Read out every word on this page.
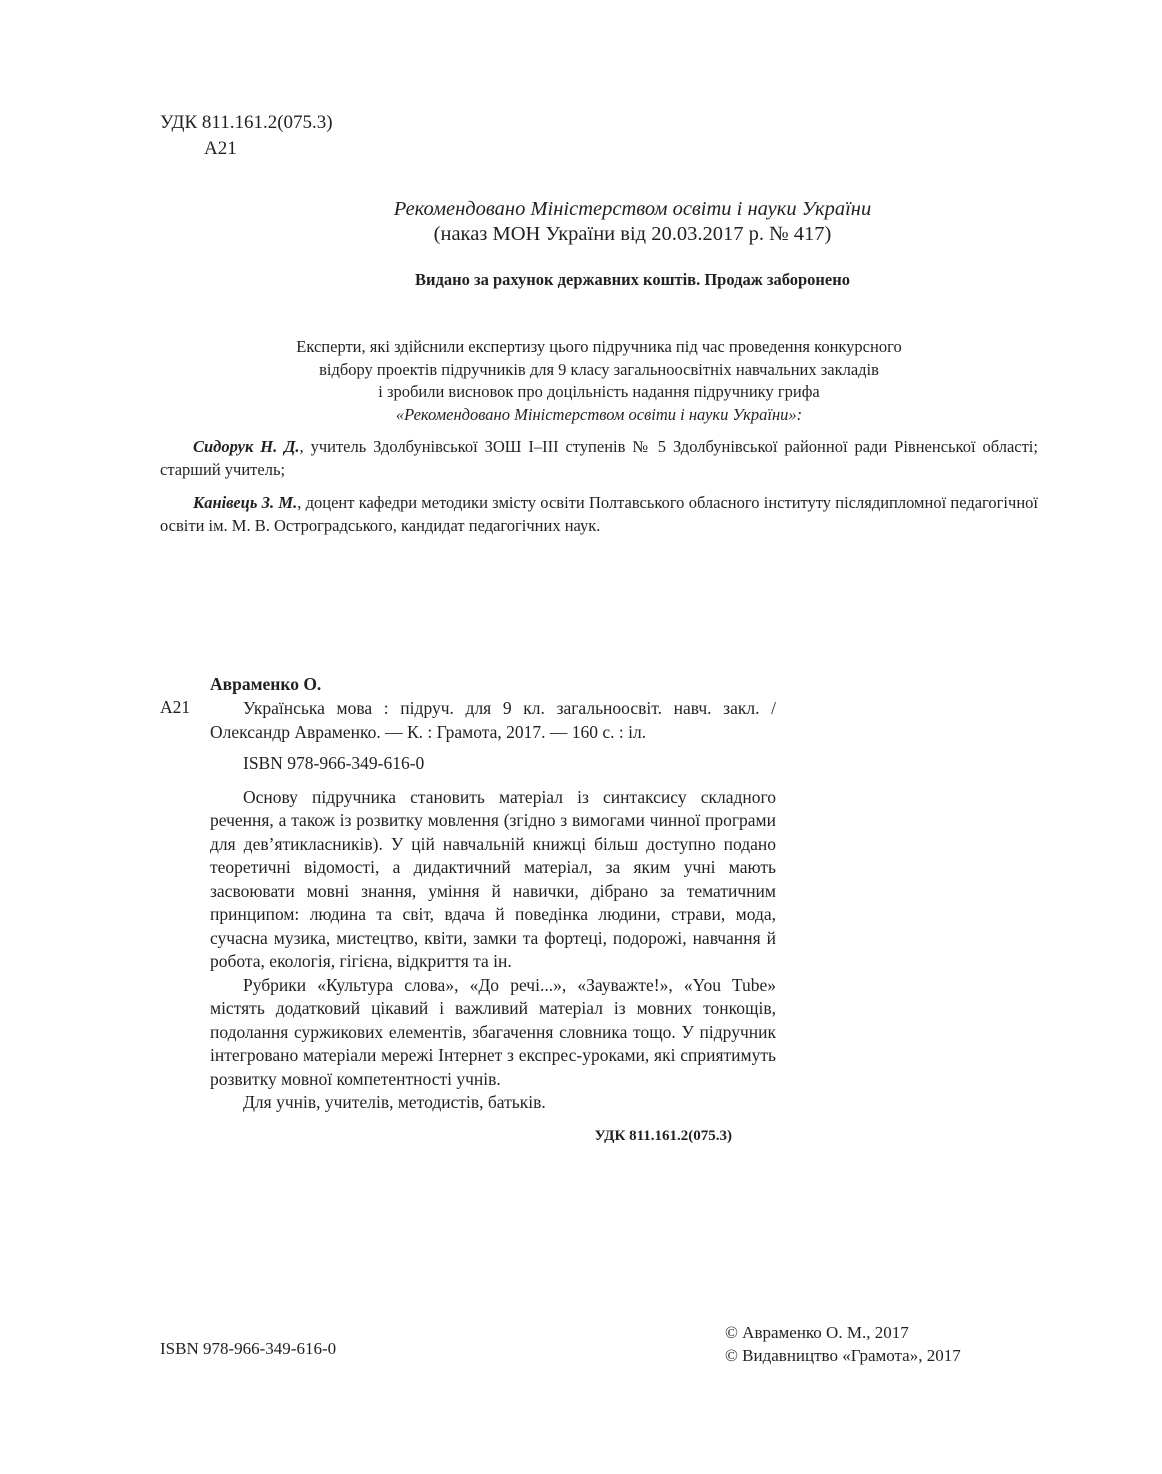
УДК 811.161.2(075.3)
А21
Рекомендовано Міністерством освіти і науки України
(наказ МОН України від 20.03.2017 р. № 417)
Видано за рахунок державних коштів. Продаж заборонено
Експерти, які здійснили експертизу цього підручника під час проведення конкурсного
відбору проектів підручників для 9 класу загальноосвітніх навчальних закладів
і зробили висновок про доцільність надання підручнику грифа
«Рекомендовано Міністерством освіти і науки України»:
Сидорук Н. Д., учитель Здолбунівської ЗОШ І–ІІІ ступенів № 5 Здолбунівської районної ради Рівненської області; старший учитель;
Канівець З. М., доцент кафедри методики змісту освіти Полтавського обласного інституту післядипломної педагогічної освіти ім. М. В. Остроградського, кандидат педагогічних наук.
Авраменко О.
А21	Українська мова : підруч. для 9 кл. загальноосвіт. навч. закл. / Олександр Авраменко. — К. : Грамота, 2017. — 160 с. : іл.

ISBN 978-966-349-616-0

Основу підручника становить матеріал із синтаксису складного речення, а також із розвитку мовлення (згідно з вимогами чинної програми для дев’ятикласників). У цій навчальній книжці більш доступно подано теоретичні відомості, а дидактичний матеріал, за яким учні мають засвоювати мовні знання, уміння й навички, дібрано за тематичним принципом: людина та світ, вдача й поведінка людини, страви, мода, сучасна музика, мистецтво, квіти, замки та фортеці, подорожі, навчання й робота, екологія, гігієна, відкриття та ін.

Рубрики «Культура слова», «До речі...», «Зауважте!», «You Tube» містять додатковий цікавий і важливий матеріал із мовних тонкощів, подолання суржикових елементів, збагачення словника тощо. У підручник інтегровано матеріали мережі Інтернет з експрес-уроками, які сприятимуть розвитку мовної компетентності учнів.

Для учнів, учителів, методистів, батьків.

УДК 811.161.2(075.3)

ISBN 978-966-349-616-0
© Авраменко О. М., 2017
© Видавництво «Грамота», 2017
